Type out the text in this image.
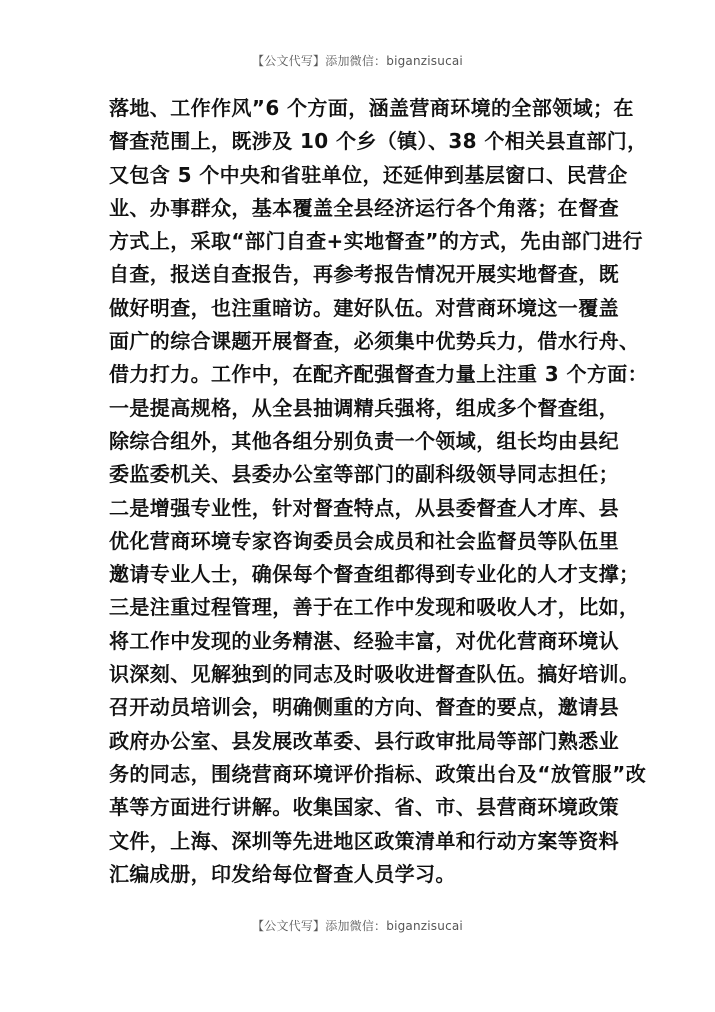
【公文代写】添加微信：biganzisucai
落地、工作作风”6 个方面，涵盖营商环境的全部领域；在
督查范围上，既涉及 10 个乡（镇）、38 个相关县直部门，
又包含 5 个中央和省驻单位，还延伸到基层窗口、民营企
业、办事群众，基本覆盖全县经济运行各个角落；在督查
方式上，采取“部门自查+实地督查”的方式，先由部门进行
自查，报送自查报告，再参考报告情况开展实地督查，既
做好明查，也注重暗访。建好队伍。对营商环境这一覆盖
面广的综合课题开展督查，必须集中优势兵力，借水行舟、
借力打力。工作中，在配齐配强督查力量上注重 3 个方面：
一是提高规格，从全县抽调精兵强将，组成多个督查组，
除综合组外，其他各组分别负责一个领域，组长均由县纪
委监委机关、县委办公室等部门的副科级领导同志担任；
二是增强专业性，针对督查特点，从县委督查人才库、县
优化营商环境专家咨询委员会成员和社会监督员等队伍里
邀请专业人士，确保每个督查组都得到专业化的人才支撑；
三是注重过程管理，善于在工作中发现和吸收人才，比如，
将工作中发现的业务精湛、经验丰富，对优化营商环境认
识深刻、见解独到的同志及时吸收进督查队伍。搞好培训。
召开动员培训会，明确侧重的方向、督查的要点，邀请县
政府办公室、县发展改革委、县行政审批局等部门熟悉业
务的同志，围绕营商环境评价指标、政策出台及“放管服”改
革等方面进行讲解。收集国家、省、市、县营商环境政策
文件，上海、深圳等先进地区政策清单和行动方案等资料
汇编成册，印发给每位督查人员学习。
【公文代写】添加微信：biganzisucai
